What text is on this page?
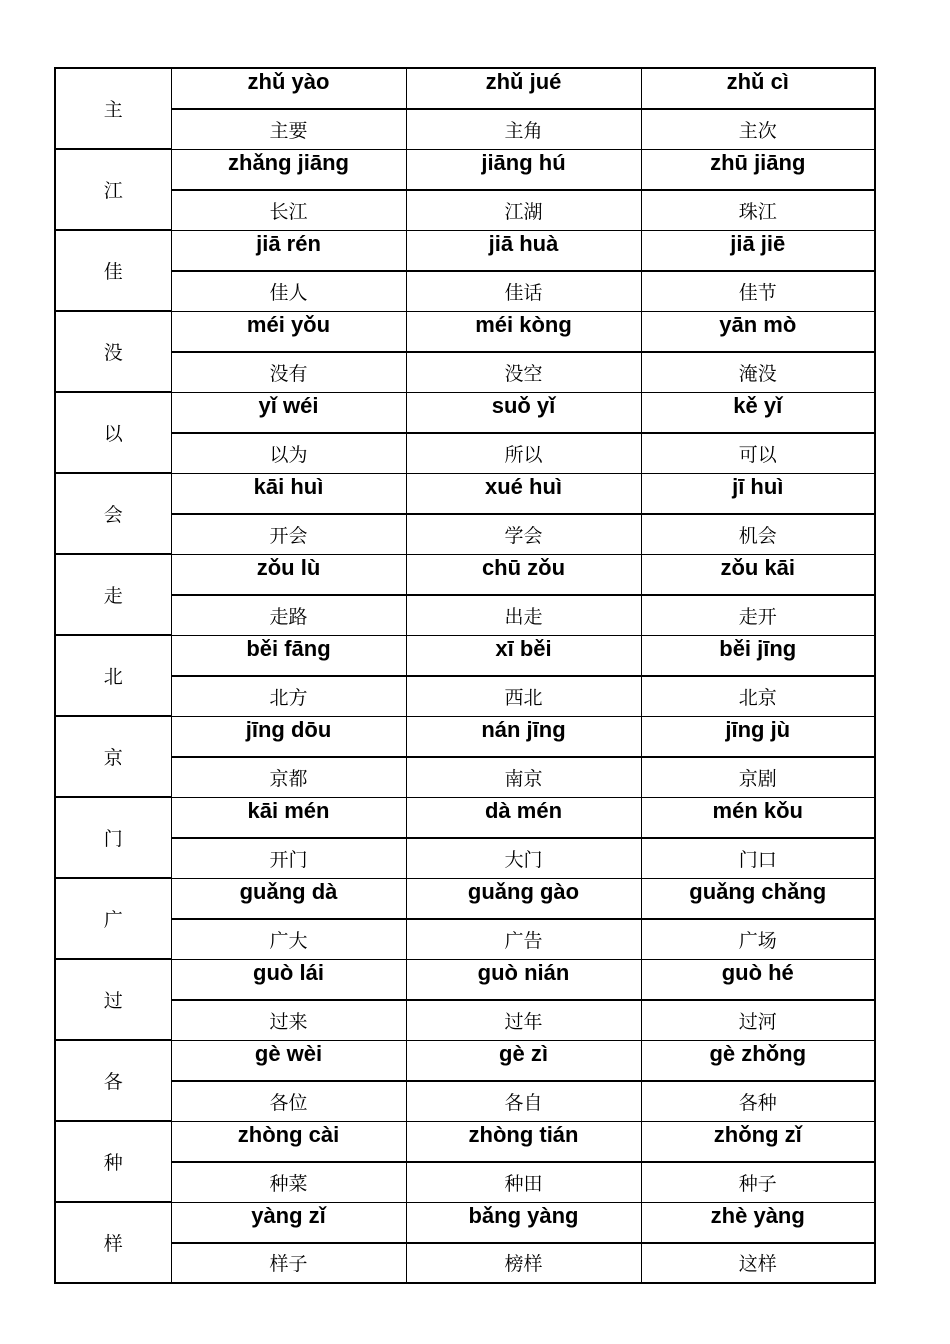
主	zhǔ yào	zhǔ jué	zhǔ cì
	主要	主角	主次
江	zhǎng jiāng	jiāng hú	zhū jiāng
	长江	江湖	珠江
佳	jiā rén	jiā huà	jiā jiē
	佳人	佳话	佳节
没	méi yǒu	méi kòng	yān mò
	没有	没空	淹没
以	yǐ wéi	suǒ yǐ	kě yǐ
	以为	所以	可以
会	kāi huì	xué huì	jī huì
	开会	学会	机会
走	zǒu lù	chū zǒu	zǒu kāi
	走路	出走	走开
北	běi fāng	xī běi	běi jīng
	北方	西北	北京
京	jīng dōu	nán jīng	jīng jù
	京都	南京	京剧
门	kāi mén	dà mén	mén kǒu
	开门	大门	门口
广	guǎng dà	guǎng gào	guǎng chǎng
	广大	广告	广场
过	guò lái	guò nián	guò hé
	过来	过年	过河
各	gè wèi	gè zì	gè zhǒng
	各位	各自	各种
种	zhòng cài	zhòng tián	zhǒng zǐ
	种菜	种田	种子
样	yàng zǐ	bǎng yàng	zhè yàng
	样子	榜样	这样
